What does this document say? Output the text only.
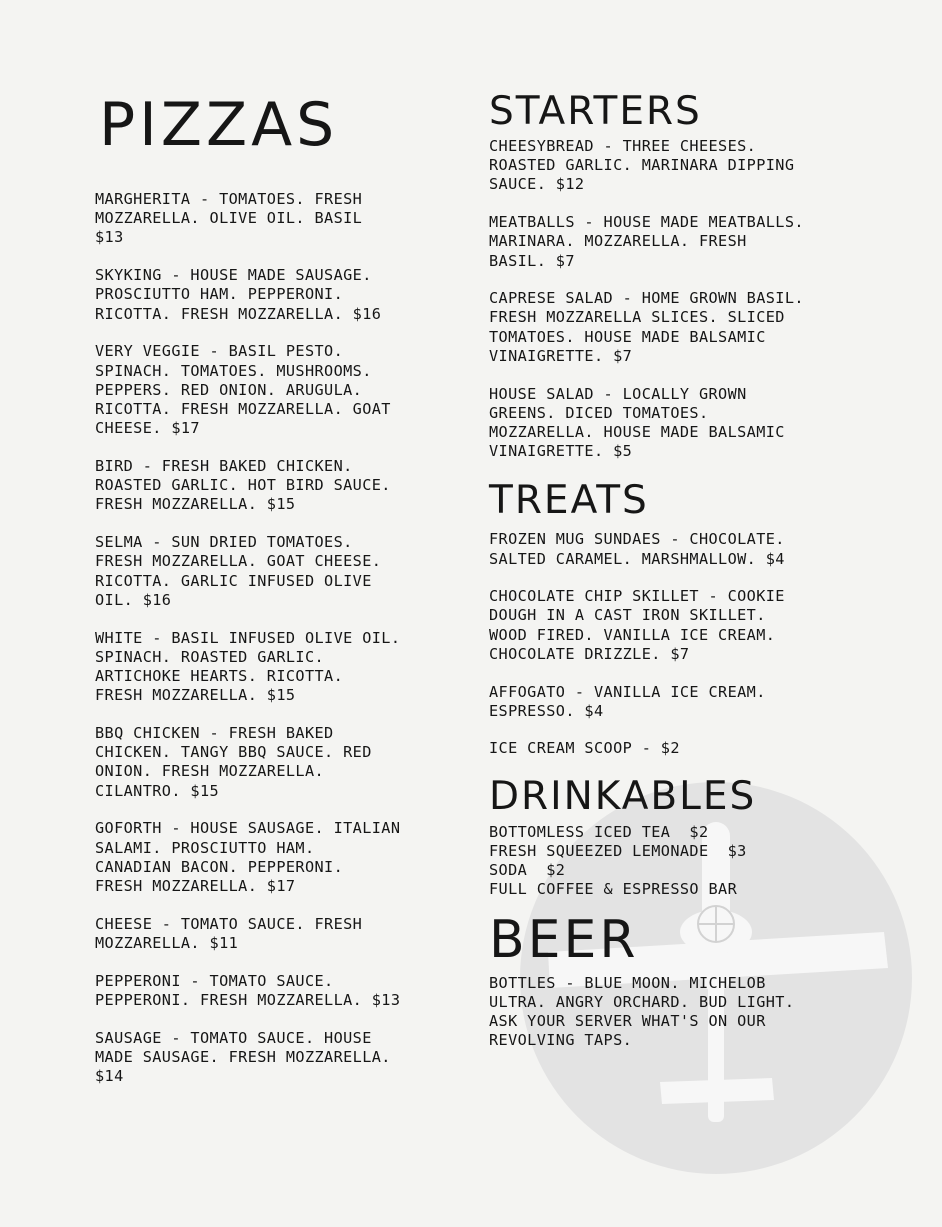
PIZZAS
MARGHERITA - TOMATOES. FRESH
MOZZARELLA. OLIVE OIL. BASIL
$13
SKYKING - HOUSE MADE SAUSAGE.
PROSCIUTTO HAM. PEPPERONI.
RICOTTA. FRESH MOZZARELLA. $16
VERY VEGGIE - BASIL PESTO.
SPINACH. TOMATOES. MUSHROOMS.
PEPPERS. RED ONION. ARUGULA.
RICOTTA. FRESH MOZZARELLA. GOAT
CHEESE. $17
BIRD - FRESH BAKED CHICKEN.
ROASTED GARLIC. HOT BIRD SAUCE.
FRESH MOZZARELLA. $15
SELMA - SUN DRIED TOMATOES.
FRESH MOZZARELLA. GOAT CHEESE.
RICOTTA. GARLIC INFUSED OLIVE
OIL. $16
WHITE - BASIL INFUSED OLIVE OIL.
SPINACH. ROASTED GARLIC.
ARTICHOKE HEARTS. RICOTTA.
FRESH MOZZARELLA. $15
BBQ CHICKEN - FRESH BAKED
CHICKEN. TANGY BBQ SAUCE. RED
ONION. FRESH MOZZARELLA.
CILANTRO. $15
GOFORTH - HOUSE SAUSAGE. ITALIAN
SALAMI. PROSCIUTTO HAM.
CANADIAN BACON. PEPPERONI.
FRESH MOZZARELLA. $17
CHEESE - TOMATO SAUCE. FRESH
MOZZARELLA. $11
PEPPERONI - TOMATO SAUCE.
PEPPERONI. FRESH MOZZARELLA. $13
SAUSAGE - TOMATO SAUCE. HOUSE
MADE SAUSAGE. FRESH MOZZARELLA.
$14
STARTERS
CHEESYBREAD - THREE CHEESES.
ROASTED GARLIC. MARINARA DIPPING
SAUCE. $12
MEATBALLS - HOUSE MADE MEATBALLS.
MARINARA. MOZZARELLA. FRESH
BASIL. $7
CAPRESE SALAD - HOME GROWN BASIL.
FRESH MOZZARELLA SLICES. SLICED
TOMATOES. HOUSE MADE BALSAMIC
VINAIGRETTE. $7
HOUSE SALAD - LOCALLY GROWN
GREENS. DICED TOMATOES.
MOZZARELLA. HOUSE MADE BALSAMIC
VINAIGRETTE. $5
TREATS
FROZEN MUG SUNDAES - CHOCOLATE.
SALTED CARAMEL. MARSHMALLOW. $4
CHOCOLATE CHIP SKILLET - COOKIE
DOUGH IN A CAST IRON SKILLET.
WOOD FIRED. VANILLA ICE CREAM.
CHOCOLATE DRIZZLE. $7
AFFOGATO - VANILLA ICE CREAM.
ESPRESSO. $4
ICE CREAM SCOOP - $2
DRINKABLES
BOTTOMLESS ICED TEA  $2
FRESH SQUEEZED LEMONADE  $3
SODA  $2
FULL COFFEE & ESPRESSO BAR
BEER
BOTTLES - BLUE MOON. MICHELOB
ULTRA. ANGRY ORCHARD. BUD LIGHT.
ASK YOUR SERVER WHAT'S ON OUR
REVOLVING TAPS.
